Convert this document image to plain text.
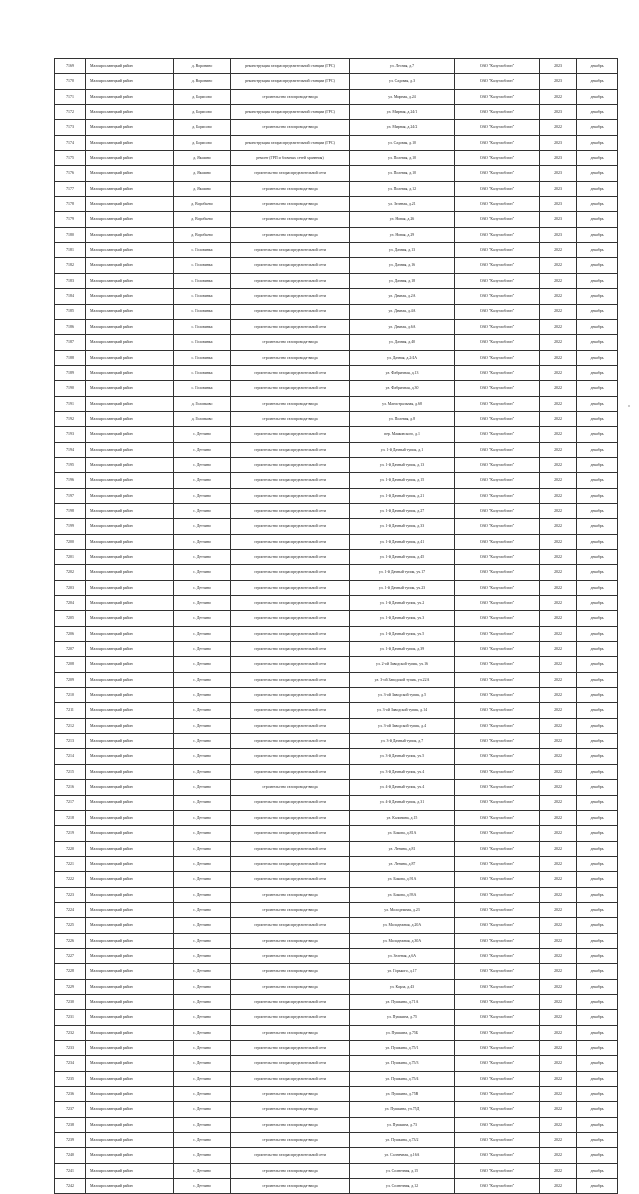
7169	Малоярославецкий район	д. Воронино	реконструкция газораспределительной станции (ГРС)	ул. Лесная, д.7	ОАО "Калугаоблгаз"	2023	декабрь
7170	Малоярославецкий район	д. Воронино	реконструкция газораспределительной станции (ГРС)	ул. Садовая, д.3	ОАО "Калугаоблгаз"	2023	декабрь
7171	Малоярославецкий район	д. Борисово	строительство газопровода-ввода	ул. Мирная, д.24	ОАО "Калугаоблгаз"	2022	декабрь
7172	Малоярославецкий район	д. Борисово	реконструкция газораспределительной станции (ГРС)	ул. Мирная, д.24/1	ОАО "Калугаоблгаз"	2023	декабрь
7173	Малоярославецкий район	д. Борисово	строительство газопровода-ввода	ул. Мирная, д.24/2	ОАО "Калугаоблгаз"	2022	декабрь
7174	Малоярославецкий район	д. Борисово	реконструкция газораспределительной станции (ГРС)	ул. Садовая, д.10	ОАО "Калугаоблгаз"	2023	декабрь
7175	Малоярославецкий район	д. Якшино	ремонт (ГРП и блочных сетей хранения)	ул. Полевая, д.10	ОАО "Калугаоблгаз"	2023	декабрь
7176	Малоярославецкий район	д. Якшино	строительство газораспределительной сети	ул. Полевая, д.10	ОАО "Калугаоблгаз"	2023	декабрь
7177	Малоярославецкий район	д. Якшино	строительство газопровода-ввода	ул. Полевая, д.12	ОАО "Калугаоблгаз"	2023	декабрь
7178	Малоярославецкий район	д. Воробьево	строительство газопровода-ввода	ул. Зеленая, д.21	ОАО "Калугаоблгаз"	2023	декабрь
7179	Малоярославецкий район	д. Воробьево	строительство газопровода-ввода	ул. Новая, д.26	ОАО "Калугаоблгаз"	2023	декабрь
7180	Малоярославецкий район	д. Воробьево	строительство газопровода-ввода	ул. Новая, д.29	ОАО "Калугаоблгаз"	2023	декабрь
7181	Малоярославецкий район	с. Головинка	строительство газораспределительной сети	ул. Дачная, д.13	ОАО "Калугаоблгаз"	2022	декабрь
7182	Малоярославецкий район	с. Головинка	строительство газораспределительной сети	ул. Дачная, д.16	ОАО "Калугаоблгаз"	2022	декабрь
7183	Малоярославецкий район	с. Головинка	строительство газораспределительной сети	ул. Дачная, д.18	ОАО "Калугаоблгаз"	2022	декабрь
7184	Малоярославецкий район	с. Головинка	строительство газораспределительной сети	ул. Дачная, д.2А	ОАО "Калугаоблгаз"	2022	декабрь
7185	Малоярославецкий район	с. Головинка	строительство газораспределительной сети	ул. Дачная, д.4А	ОАО "Калугаоблгаз"	2022	декабрь
7186	Малоярославецкий район	с. Головинка	строительство газораспределительной сети	ул. Дачная, д.6А	ОАО "Калугаоблгаз"	2022	декабрь
7187	Малоярославецкий район	с. Головинка	строительство газопровода-ввода	ул. Дачная, д.40	ОАО "Калугаоблгаз"	2022	декабрь
7188	Малоярославецкий район	с. Головинка	строительство газопровода-ввода	ул. Дачная, д.2/4А	ОАО "Калугаоблгаз"	2022	декабрь
7189	Малоярославецкий район	с. Головинка	строительство газораспределительной сети	ул. Фабричная, д.13	ОАО "Калугаоблгаз"	2022	декабрь
7190	Малоярославецкий район	с. Головинка	строительство газораспределительной сети	ул. Фабричная, д.30	ОАО "Калугаоблгаз"	2022	декабрь
7191	Малоярославецкий район	д. Головково	строительство газопровода-ввода	ул. Магистральная, д.68	ОАО "Калугаоблгаз"	2022	декабрь
7192	Малоярославецкий район	д. Головково	строительство газопровода-ввода	ул. Полевая, д.8	ОАО "Калугаоблгаз"	2022	декабрь
7193	Малоярославецкий район	с. Детчино	строительство газораспределительной сети	пер. Маяковского, д.1	ОАО "Калугаоблгаз"	2022	декабрь
7194	Малоярославецкий район	с. Детчино	строительство газораспределительной сети	ул. 1-й Дачный тупик, д.1	ОАО "Калугаоблгаз"	2022	декабрь
7195	Малоярославецкий район	с. Детчино	строительство газораспределительной сети	ул. 1-й Дачный тупик, д.13	ОАО "Калугаоблгаз"	2022	декабрь
7196	Малоярославецкий район	с. Детчино	строительство газораспределительной сети	ул. 1-й Дачный тупик, д.15	ОАО "Калугаоблгаз"	2022	декабрь
7197	Малоярославецкий район	с. Детчино	строительство газораспределительной сети	ул. 1-й Дачный тупик, д.21	ОАО "Калугаоблгаз"	2022	декабрь
7198	Малоярославецкий район	с. Детчино	строительство газораспределительной сети	ул. 1-й Дачный тупик, д.27	ОАО "Калугаоблгаз"	2022	декабрь
7199	Малоярославецкий район	с. Детчино	строительство газораспределительной сети	ул. 1-й Дачный тупик, д.33	ОАО "Калугаоблгаз"	2022	декабрь
7200	Малоярославецкий район	с. Детчино	строительство газораспределительной сети	ул. 1-й Дачный тупик, д.41	ОАО "Калугаоблгаз"	2022	декабрь
7201	Малоярославецкий район	с. Детчино	строительство газораспределительной сети	ул. 1-й Дачный тупик, д.45	ОАО "Калугаоблгаз"	2022	декабрь
7202	Малоярославецкий район	с. Детчино	строительство газораспределительной сети	ул. 1-й Дачный тупик, уч.17	ОАО "Калугаоблгаз"	2022	декабрь
7203	Малоярославецкий район	с. Детчино	строительство газораспределительной сети	ул. 1-й Дачный тупик, уч.23	ОАО "Калугаоблгаз"	2022	декабрь
7204	Малоярославецкий район	с. Детчино	строительство газораспределительной сети	ул. 1-й Дачный тупик, уч.2	ОАО "Калугаоблгаз"	2022	декабрь
7205	Малоярославецкий район	с. Детчино	строительство газораспределительной сети	ул. 1-й Дачный тупик, уч.3	ОАО "Калугаоблгаз"	2022	декабрь
7206	Малоярославецкий район	с. Детчино	строительство газораспределительной сети	ул. 1-й Дачный тупик, уч.5	ОАО "Калугаоблгаз"	2022	декабрь
7207	Малоярославецкий район	с. Детчино	строительство газораспределительной сети	ул. 1-й Дачный тупик, д.39	ОАО "Калугаоблгаз"	2022	декабрь
7208	Малоярославецкий район	с. Детчино	строительство газораспределительной сети	ул. 2-ой Заводской тупик, уч.16	ОАО "Калугаоблгаз"	2022	декабрь
7209	Малоярославецкий район	с. Детчино	строительство газораспределительной сети	ул. 3-ой Заводской тупик, уч.22А	ОАО "Калугаоблгаз"	2022	декабрь
7210	Малоярославецкий район	с. Детчино	строительство газораспределительной сети	ул. 3-ой Заводской тупик, д.5	ОАО "Калугаоблгаз"	2022	декабрь
7211	Малоярославецкий район	с. Детчино	строительство газораспределительной сети	ул. 3-ой Заводской тупик, д.14	ОАО "Калугаоблгаз"	2022	декабрь
7212	Малоярославецкий район	с. Детчино	строительство газораспределительной сети	ул. 3-ой Заводской тупик, д.4	ОАО "Калугаоблгаз"	2022	декабрь
7213	Малоярославецкий район	с. Детчино	строительство газораспределительной сети	ул. 3-й Дачный тупик, д.7	ОАО "Калугаоблгаз"	2022	декабрь
7214	Малоярославецкий район	с. Детчино	строительство газораспределительной сети	ул. 3-й Дачный тупик, уч.5	ОАО "Калугаоблгаз"	2022	декабрь
7215	Малоярославецкий район	с. Детчино	строительство газораспределительной сети	ул. 3-й Дачный тупик, уч.4	ОАО "Калугаоблгаз"	2022	декабрь
7216	Малоярославецкий район	с. Детчино	строительство газопровода-ввода	ул. 4-й Дачный тупик, уч.4	ОАО "Калугаоблгаз"	2022	декабрь
7217	Малоярославецкий район	с. Детчино	строительство газораспределительной сети	ул. 4-й Дачный тупик, д.31	ОАО "Калугаоблгаз"	2022	декабрь
7218	Малоярославецкий район	с. Детчино	строительство газораспределительной сети	ул. Калинина, д.15	ОАО "Калугаоблгаз"	2022	декабрь
7219	Малоярославецкий район	с. Детчино	строительство газораспределительной сети	ул. Бокова, д.81А	ОАО "Калугаоблгаз"	2022	декабрь
7220	Малоярославецкий район	с. Детчино	строительство газораспределительной сети	ул. Ленина, д.81	ОАО "Калугаоблгаз"	2022	декабрь
7221	Малоярославецкий район	с. Детчино	строительство газораспределительной сети	ул. Ленина, д.87	ОАО "Калугаоблгаз"	2022	декабрь
7222	Малоярославецкий район	с. Детчино	строительство газораспределительной сети	ул. Бокова, д.91А	ОАО "Калугаоблгаз"	2022	декабрь
7223	Малоярославецкий район	с. Детчино	строительство газопровода-ввода	ул. Бокова, д.93А	ОАО "Калугаоблгаз"	2022	декабрь
7224	Малоярославецкий район	с. Детчино	строительство газопровода-ввода	ул. Молодежная, д.23	ОАО "Калугаоблгаз"	2022	декабрь
7225	Малоярославецкий район	с. Детчино	строительство газораспределительной сети	ул. Молодежная, д.20А	ОАО "Калугаоблгаз"	2022	декабрь
7226	Малоярославецкий район	с. Детчино	строительство газопровода-ввода	ул. Молодежная, д.30А	ОАО "Калугаоблгаз"	2022	декабрь
7227	Малоярославецкий район	с. Детчино	строительство газопровода-ввода	ул. Зеленая, д.6А	ОАО "Калугаоблгаз"	2022	декабрь
7228	Малоярославецкий район	с. Детчино	строительство газопровода-ввода	ул. Горького, д.17	ОАО "Калугаоблгаз"	2022	декабрь
7229	Малоярославецкий район	с. Детчино	строительство газопровода-ввода	ул. Карла, д.43	ОАО "Калугаоблгаз"	2022	декабрь
7230	Малоярославецкий район	с. Детчино	строительство газораспределительной сети	ул. Пушкина, д.71А	ОАО "Калугаоблгаз"	2022	декабрь
7231	Малоярославецкий район	с. Детчино	строительство газораспределительной сети	ул. Пушкина, д.75	ОАО "Калугаоблгаз"	2022	декабрь
7232	Малоярославецкий район	с. Детчино	строительство газопровода-ввода	ул. Пушкина, д.75Б	ОАО "Калугаоблгаз"	2022	декабрь
7233	Малоярославецкий район	с. Детчино	строительство газораспределительной сети	ул. Пушкина, д.75/1	ОАО "Калугаоблгаз"	2022	декабрь
7234	Малоярославецкий район	с. Детчино	строительство газораспределительной сети	ул. Пушкина, д.75/3	ОАО "Калугаоблгаз"	2022	декабрь
7235	Малоярославецкий район	с. Детчино	строительство газораспределительной сети	ул. Пушкина, д.75/4	ОАО "Калугаоблгаз"	2022	декабрь
7236	Малоярославецкий район	с. Детчино	строительство газопровода-ввода	ул. Пушкина, д.75В	ОАО "Калугаоблгаз"	2022	декабрь
7237	Малоярославецкий район	с. Детчино	строительство газопровода-ввода	ул. Пушкина, уч.75Д	ОАО "Калугаоблгаз"	2022	декабрь
7238	Малоярославецкий район	с. Детчино	строительство газопровода-ввода	ул. Пушкина, д.73	ОАО "Калугаоблгаз"	2022	декабрь
7239	Малоярославецкий район	с. Детчино	строительство газопровода-ввода	ул. Пушкина, д.73/2	ОАО "Калугаоблгаз"	2022	декабрь
7240	Малоярославецкий район	с. Детчино	строительство газораспределительной сети	ул. Солнечная, д.16А	ОАО "Калугаоблгаз"	2022	декабрь
7241	Малоярославецкий район	с. Детчино	строительство газопровода-ввода	ул. Солнечная, д.15	ОАО "Калугаоблгаз"	2022	декабрь
7242	Малоярославецкий район	с. Детчино	строительство газопровода-ввода	ул. Солнечная, д.12	ОАО "Калугаоблгаз"	2022	декабрь
